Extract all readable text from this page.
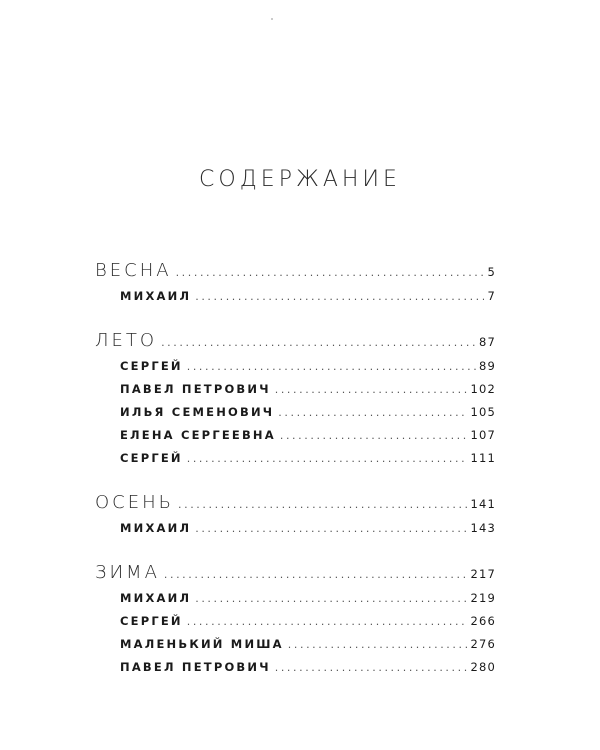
СОДЕРЖАНИЕ
ВЕСНА .....	5
МИХАИЛ .....	7
ЛЕТО .....	87
СЕРГЕЙ .....	89
ПАВЕЛ ПЕТРОВИЧ .....	102
ИЛЬЯ СЕМЕНОВИЧ .....	105
ЕЛЕНА СЕРГЕЕВНА .....	107
СЕРГЕЙ .....	111
ОСЕНЬ .....	141
МИХАИЛ .....	143
ЗИМА .....	217
МИХАИЛ .....	219
СЕРГЕЙ .....	266
МАЛЕНЬКИЙ МИША .....	276
ПАВЕЛ ПЕТРОВИЧ .....	280
